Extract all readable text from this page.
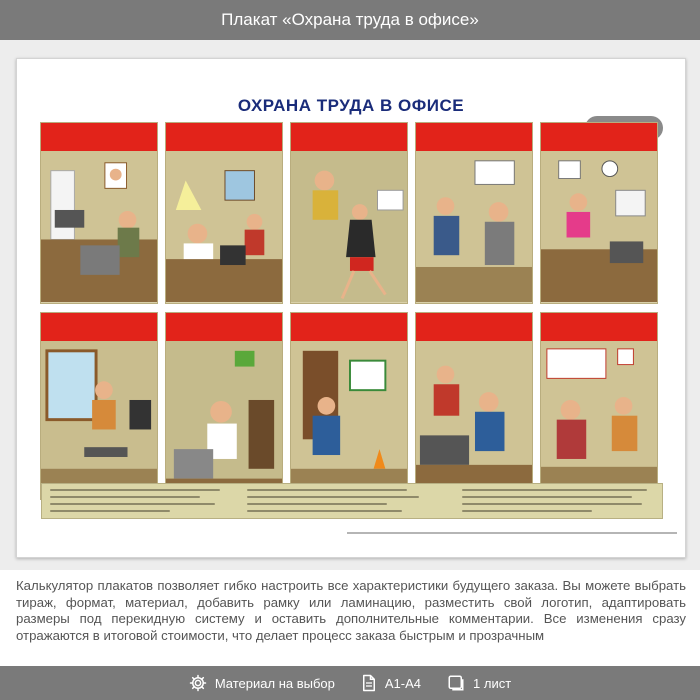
Плакат «Охрана труда в офисе»
ОХРАНА ТРУДА В ОФИСЕ

Калькулятор плакатов позволяет гибко настроить все характеристики будущего заказа. Вы можете выбрать тираж, формат, материал, добавить рамку или ламинацию, разместить свой логотип, адаптировать размеры под перекидную систему и оставить дополнительные комментарии. Все изменения сразу отражаются в итоговой стоимости, что делает процесс заказа быстрым и прозрачным

Материал на выбор	А1-А4	1 лист
